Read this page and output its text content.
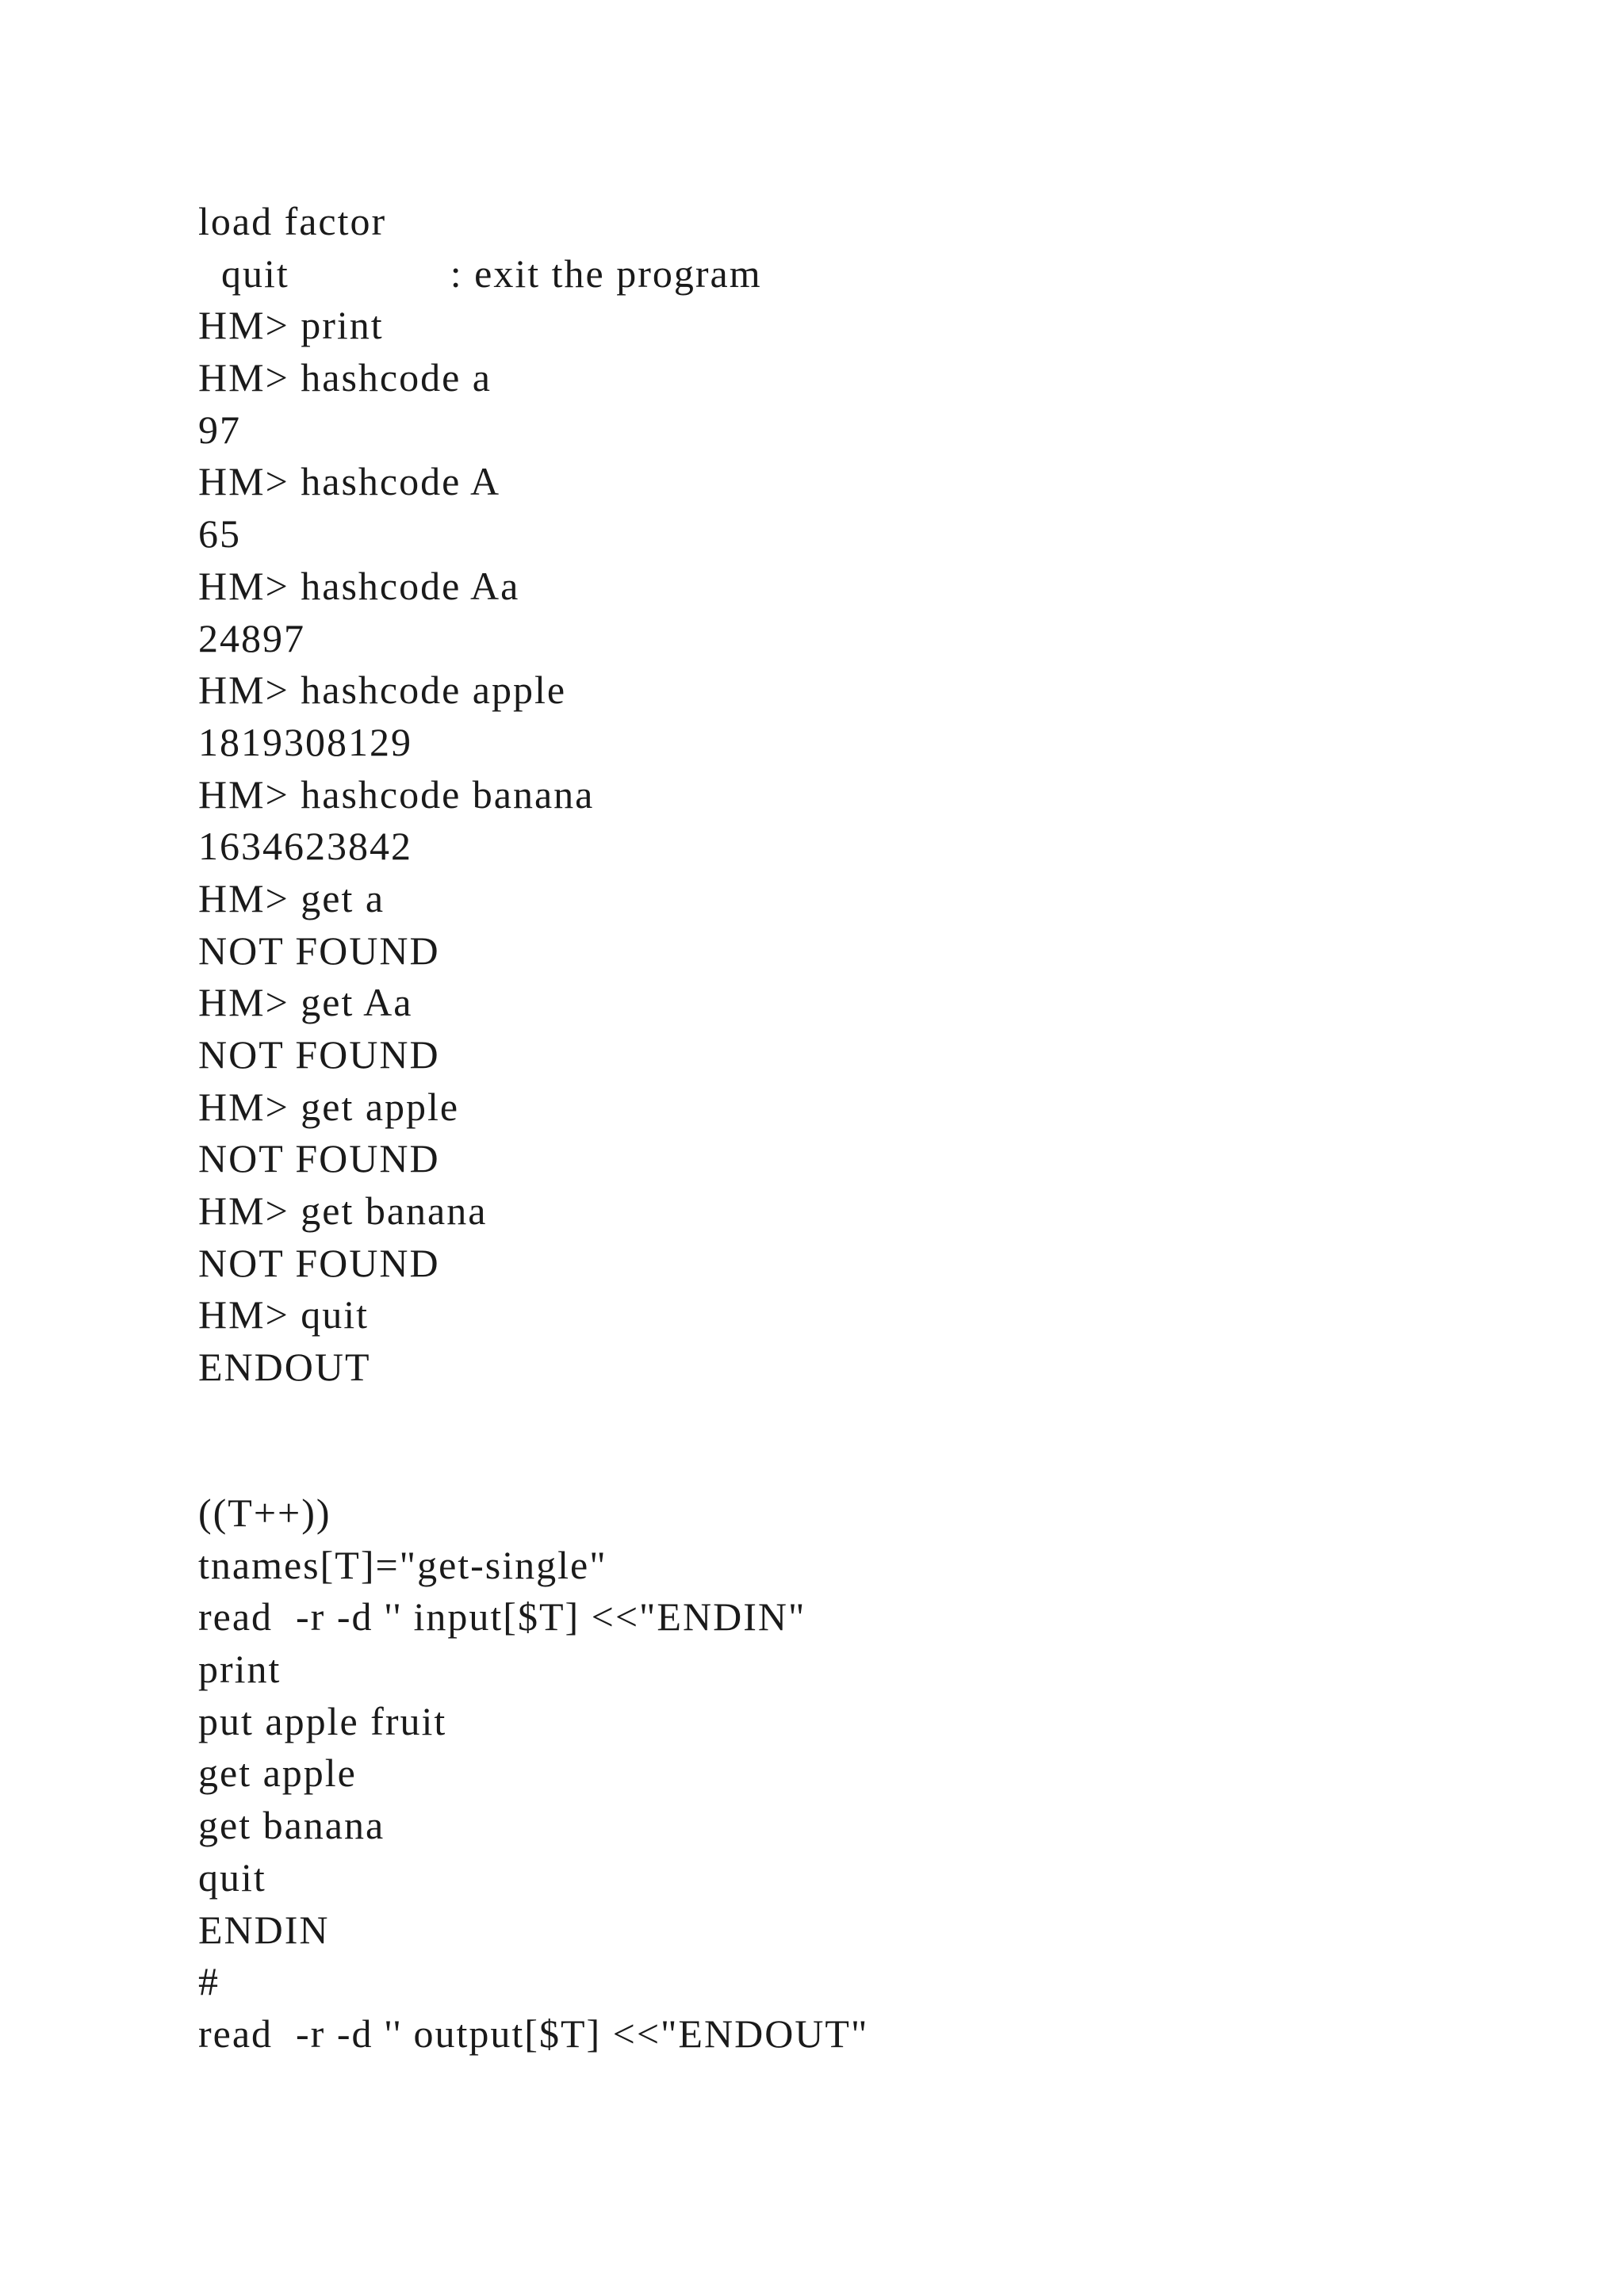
load factor
quit              : exit the program
HM> print
HM> hashcode a
97
HM> hashcode A
65
HM> hashcode Aa
24897
HM> hashcode apple
1819308129
HM> hashcode banana
1634623842
HM> get a
NOT FOUND
HM> get Aa
NOT FOUND
HM> get apple
NOT FOUND
HM> get banana
NOT FOUND
HM> quit
ENDOUT
((T++))
tnames[T]="get-single"
read  -r -d '' input[$T] <<"ENDIN"
print
put apple fruit
get apple
get banana
quit
ENDIN
#
read  -r -d '' output[$T] <<"ENDOUT"
